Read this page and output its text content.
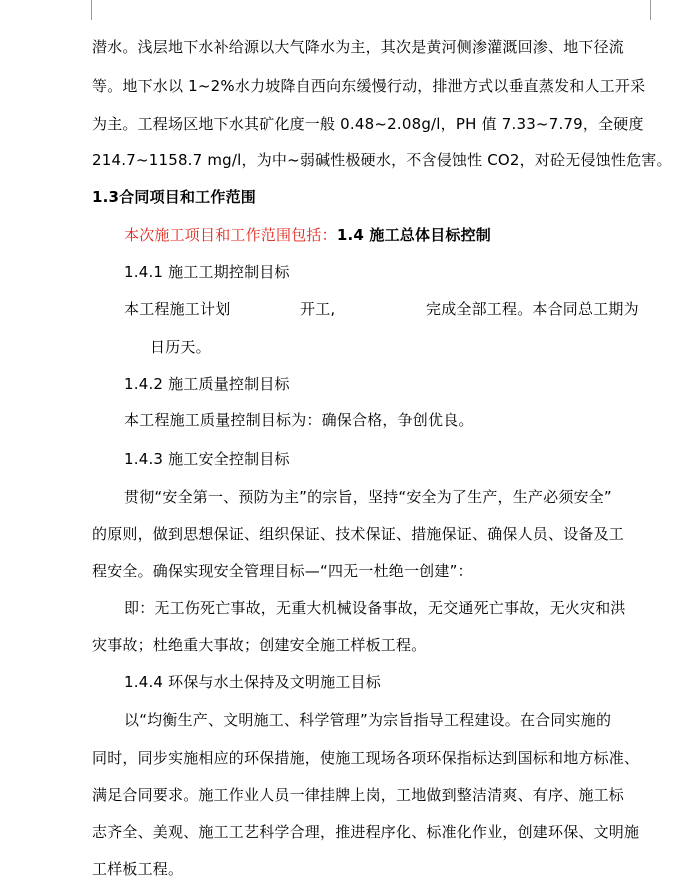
潜水。浅层地下水补给源以大气降水为主，其次是黄河侧渗灌溉回渗、地下径流
等。地下水以 1~2%水力坡降自西向东缓慢行动，排泄方式以垂直蒸发和人工开采
为主。工程场区地下水其矿化度一般 0.48~2.08g/l，PH 值 7.33~7.79，全硬度
214.7~1158.7 mg/l，为中~弱碱性极硬水，不含侵蚀性 CO2，对砼无侵蚀性危害。
1.3合同项目和工作范围
本次施工项目和工作范围包括：1.4 施工总体目标控制
1.4.1 施工工期控制目标
本工程施工计划	开工,	完成全部工程。本合同总工期为
日历天。
1.4.2 施工质量控制目标
本工程施工质量控制目标为：确保合格，争创优良。
1.4.3 施工安全控制目标
贯彻“安全第一、预防为主”的宗旨，坚持“安全为了生产，生产必须安全”
的原则，做到思想保证、组织保证、技术保证、措施保证、确保人员、设备及工
程安全。确保实现安全管理目标—“四无一杜绝一创建”：
即：无工伤死亡事故，无重大机械设备事故，无交通死亡事故，无火灾和洪
灾事故；杜绝重大事故；创建安全施工样板工程。
1.4.4 环保与水土保持及文明施工目标
以“均衡生产、文明施工、科学管理”为宗旨指导工程建设。在合同实施的
同时，同步实施相应的环保措施，使施工现场各项环保指标达到国标和地方标准、
满足合同要求。施工作业人员一律挂牌上岗，工地做到整洁清爽、有序、施工标
志齐全、美观、施工工艺科学合理，推进程序化、标准化作业，创建环保、文明施
工样板工程。
